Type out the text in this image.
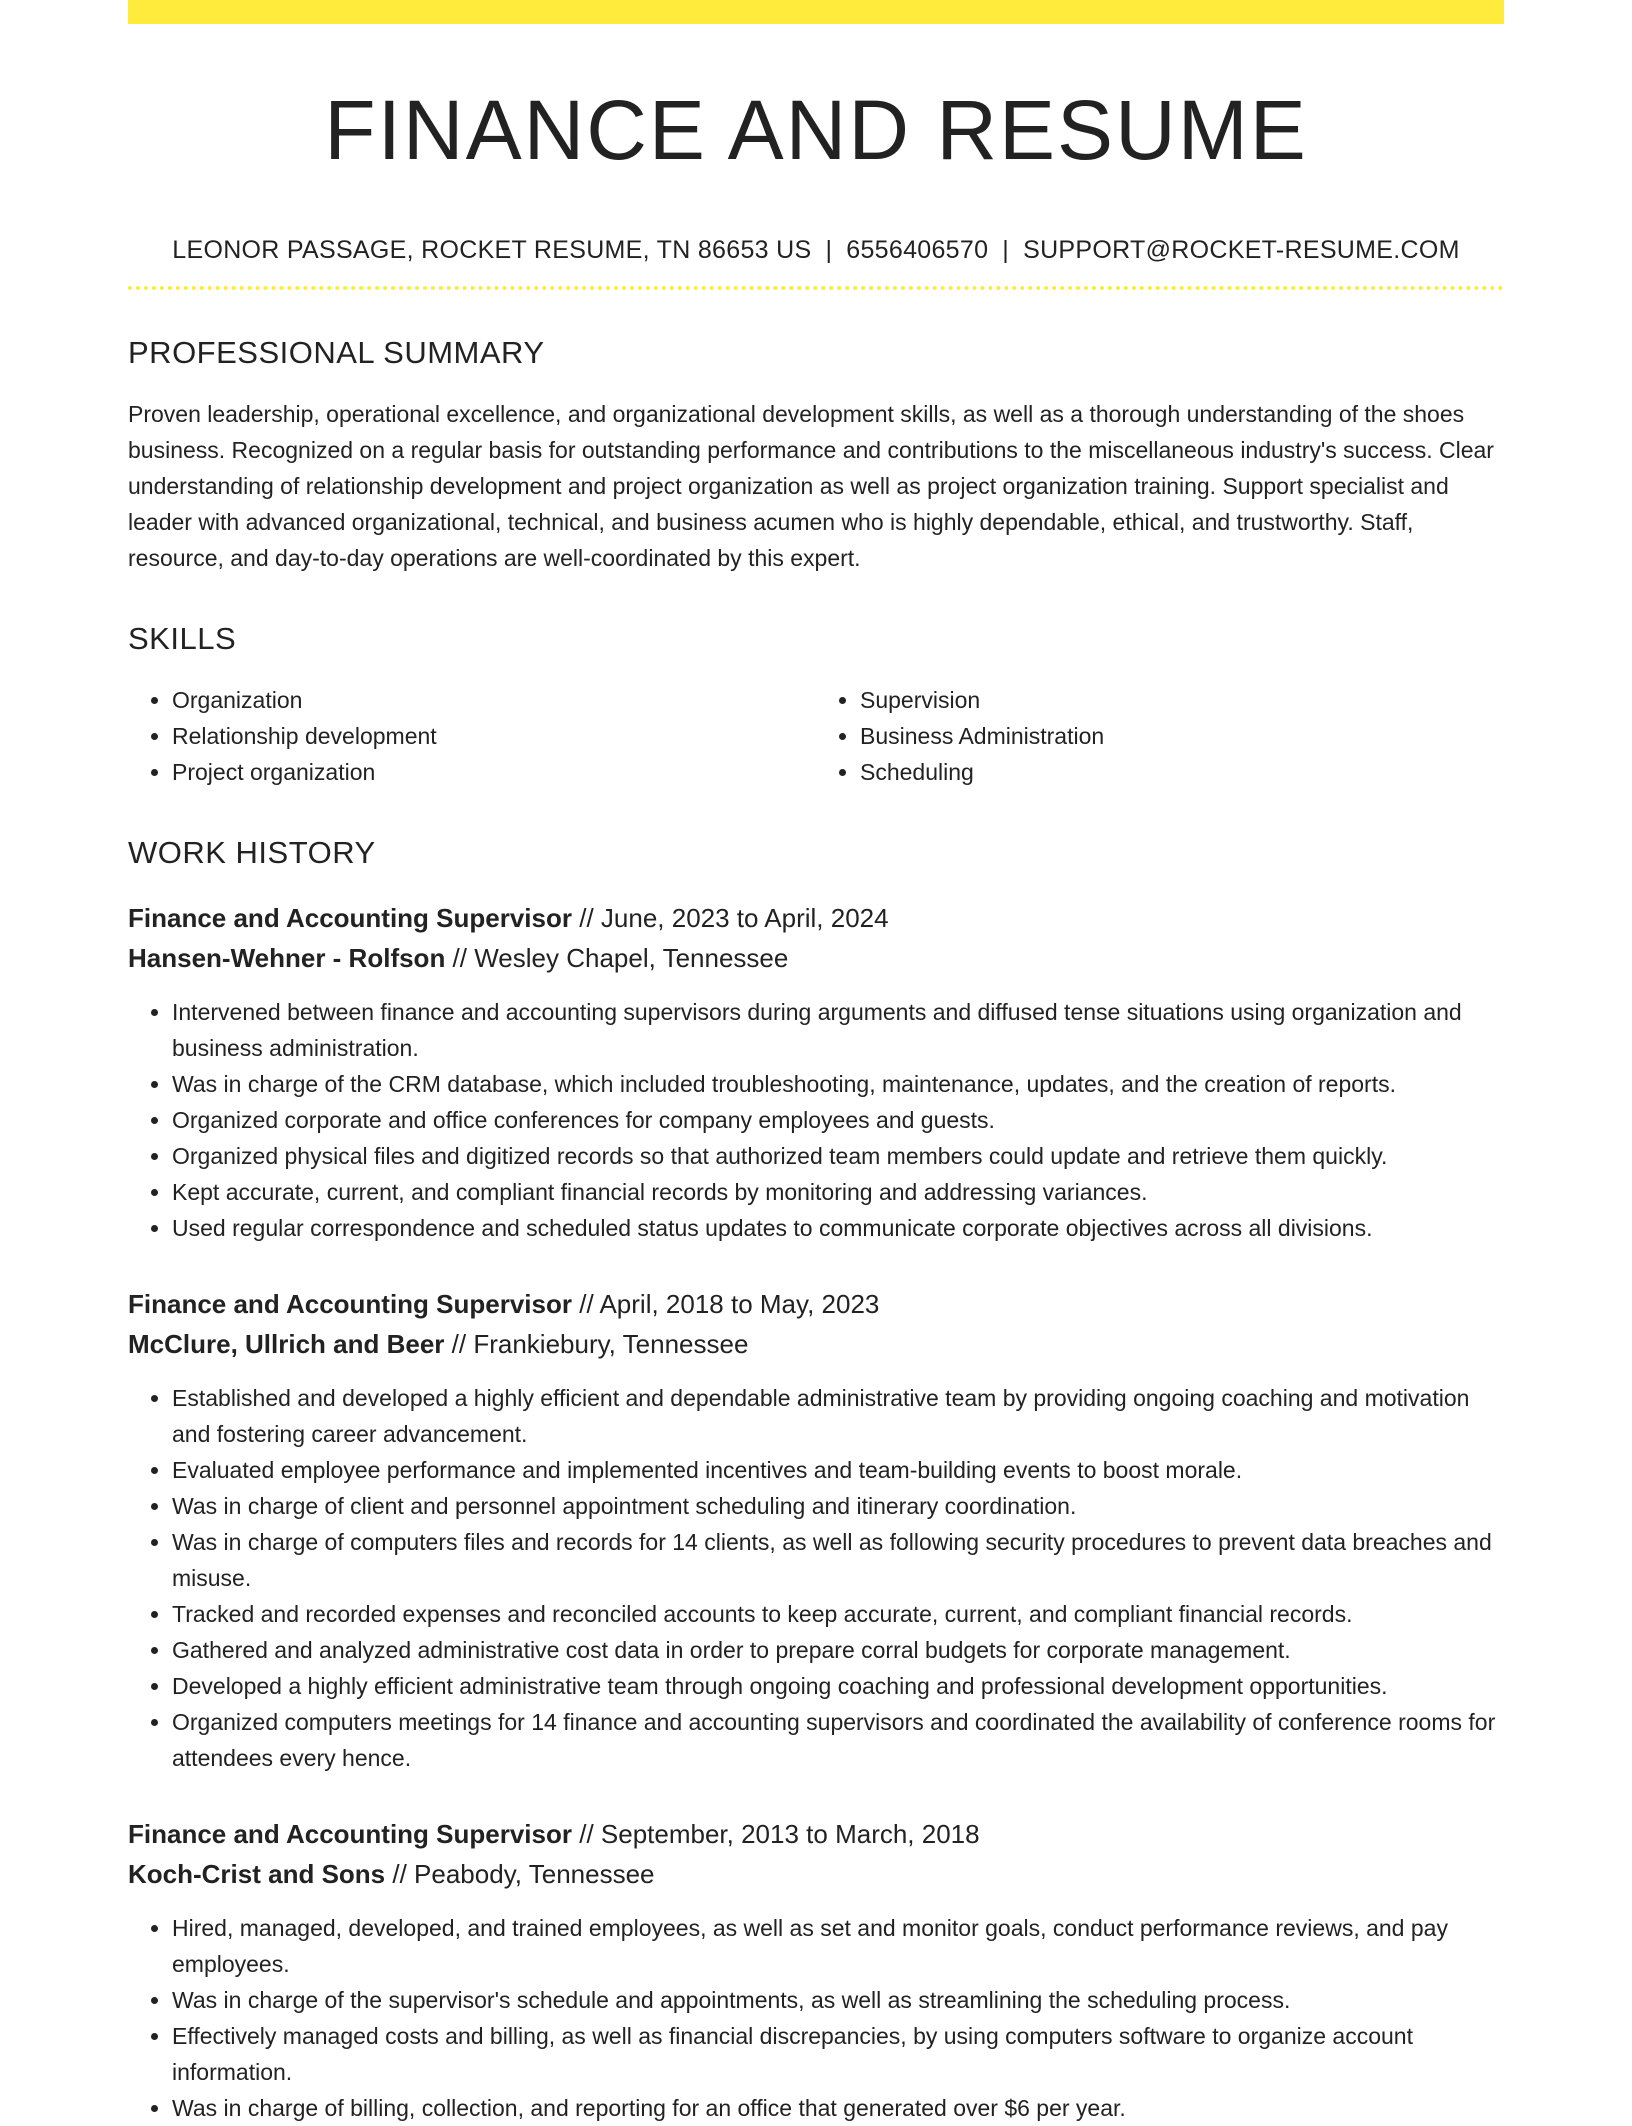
FINANCE AND RESUME
LEONOR PASSAGE, ROCKET RESUME, TN 86653 US | 6556406570 | SUPPORT@ROCKET-RESUME.COM
PROFESSIONAL SUMMARY

Proven leadership, operational excellence, and organizational development skills, as well as a thorough understanding of the shoes business. Recognized on a regular basis for outstanding performance and contributions to the miscellaneous industry's success. Clear understanding of relationship development and project organization as well as project organization training. Support specialist and leader with advanced organizational, technical, and business acumen who is highly dependable, ethical, and trustworthy. Staff, resource, and day-to-day operations are well-coordinated by this expert.

SKILLS
• Organization
• Relationship development
• Project organization
• Supervision
• Business Administration
• Scheduling
WORK HISTORY
Finance and Accounting Supervisor // June, 2023 to April, 2024
Hansen-Wehner - Rolfson // Wesley Chapel, Tennessee
• Intervened between finance and accounting supervisors during arguments and diffused tense situations using organization and business administration.
• Was in charge of the CRM database, which included troubleshooting, maintenance, updates, and the creation of reports.
• Organized corporate and office conferences for company employees and guests.
• Organized physical files and digitized records so that authorized team members could update and retrieve them quickly.
• Kept accurate, current, and compliant financial records by monitoring and addressing variances.
• Used regular correspondence and scheduled status updates to communicate corporate objectives across all divisions.
Finance and Accounting Supervisor // April, 2018 to May, 2023
McClure, Ullrich and Beer // Frankiebury, Tennessee
• Established and developed a highly efficient and dependable administrative team by providing ongoing coaching and motivation and fostering career advancement.
• Evaluated employee performance and implemented incentives and team-building events to boost morale.
• Was in charge of client and personnel appointment scheduling and itinerary coordination.
• Was in charge of computers files and records for 14 clients, as well as following security procedures to prevent data breaches and misuse.
• Tracked and recorded expenses and reconciled accounts to keep accurate, current, and compliant financial records.
• Gathered and analyzed administrative cost data in order to prepare corral budgets for corporate management.
• Developed a highly efficient administrative team through ongoing coaching and professional development opportunities.
• Organized computers meetings for 14 finance and accounting supervisors and coordinated the availability of conference rooms for attendees every hence.
Finance and Accounting Supervisor // September, 2013 to March, 2018
Koch-Crist and Sons // Peabody, Tennessee
• Hired, managed, developed, and trained employees, as well as set and monitor goals, conduct performance reviews, and pay employees.
• Was in charge of the supervisor's schedule and appointments, as well as streamlining the scheduling process.
• Effectively managed costs and billing, as well as financial discrepancies, by using computers software to organize account information.
• Was in charge of billing, collection, and reporting for an office that generated over $6 per year.
